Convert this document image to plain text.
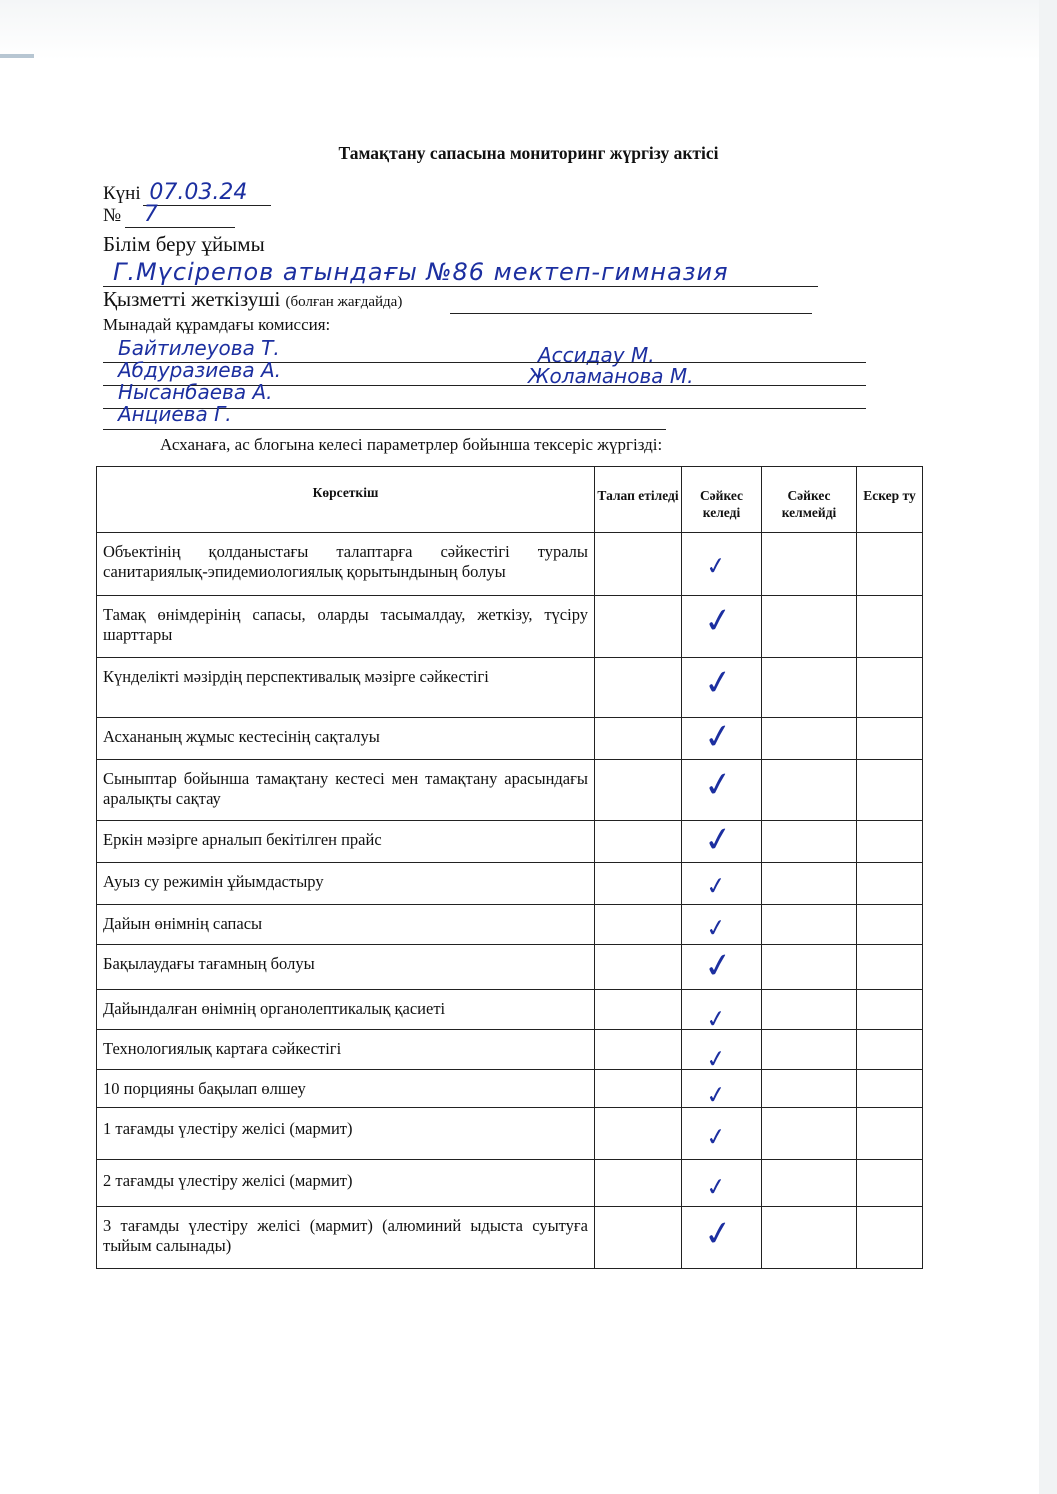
Тамақтану сапасына мониторинг жүргізу актісі
Күні 07.03.24
№ 7
Білім беру ұйымы
Г.Мүсірепов атындағы №86 мектеп-гимназия
Қызметті жеткізуші (болған жағдайда)
Мынадай құрамдағы комиссия:
Байтилеуова Т.	Ассидау М.
Абдуразиева А.	Жоламанова М.
Нысанбаева А.
Анциева Г.
Асханаға, ас блогына келесі параметрлер бойынша тексеріс жүргізді:
Көрсеткіш	Талап етіледі	Сәйкес келеді	Сәйкес келмейді	Ескер ту
Объектінің қолданыстағы талаптарға сәйкестігі туралы санитариялық-эпидемиологиялық қорытындының болуы		✓		

Тамақ өнімдерінің сапасы, оларды тасымалдау, жеткізу, түсіру шарттары		✓		

Күнделікті мәзірдің перспективалық мәзірге сәйкестігі		✓		

Асхананың жұмыс кестесінің сақталуы		✓		

Сыныптар бойынша тамақтану кестесі мен тамақтану арасындағы аралықты сақтау		✓		

Еркін мәзірге арналып бекітілген прайс		✓		

Ауыз су режимін ұйымдастыру		✓		

Дайын өнімнің сапасы		✓		

Бақылаудағы тағамның болуы		✓		

Дайындалған өнімнің органолептикалық қасиеті		✓		

Технологиялық картаға сәйкестігі		✓		

10 порцияны бақылап өлшеу		✓		

1 тағамды үлестіру желісі (мармит)		✓		

2 тағамды үлестіру желісі (мармит)		✓		

3 тағамды үлестіру желісі (мармит) (алюминий ыдыста суытуға тыйым салынады)		✓		
